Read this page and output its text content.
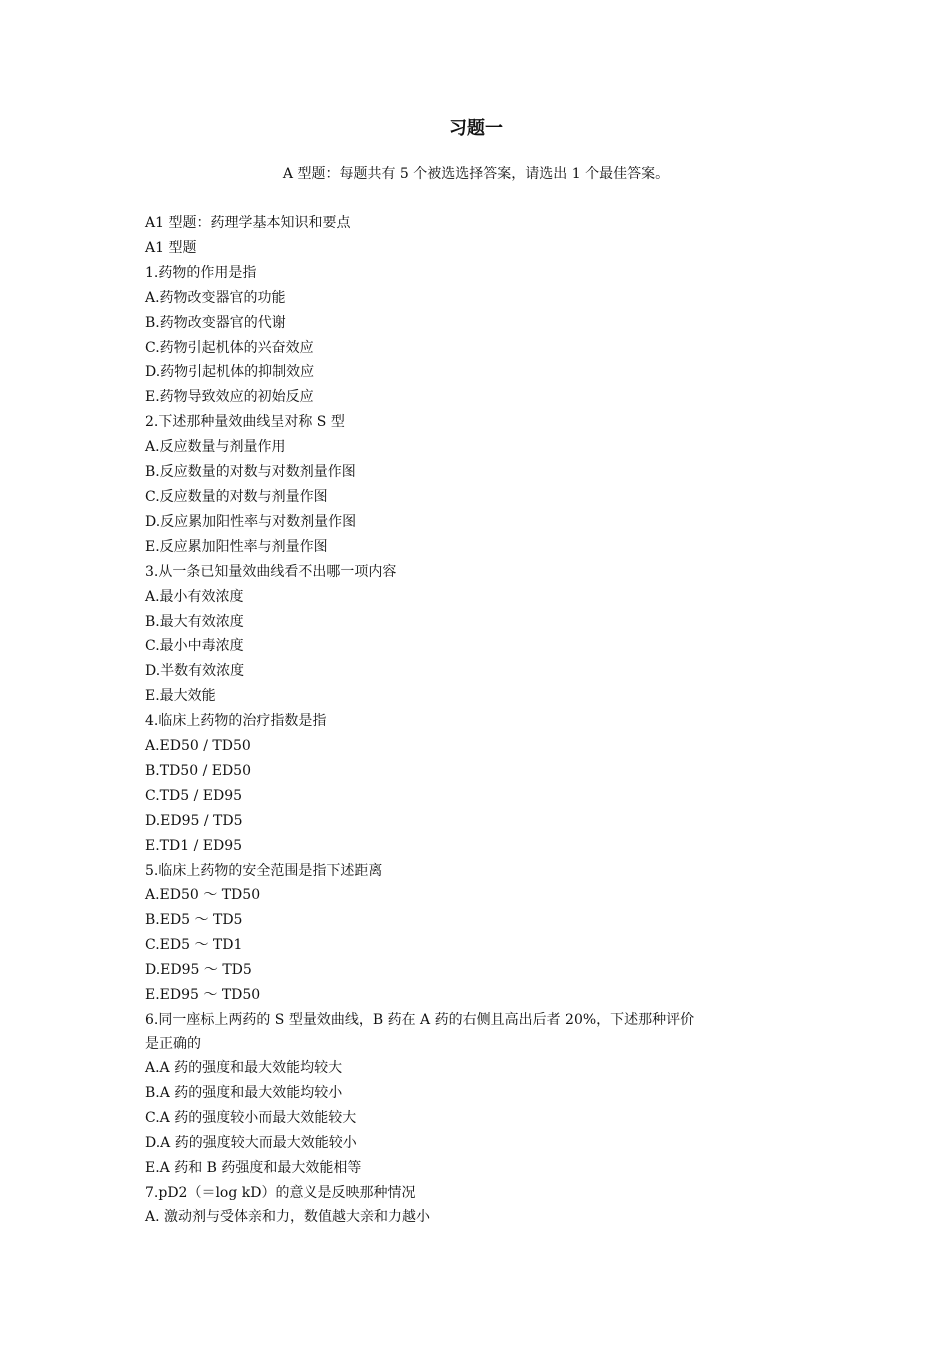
习题一
A 型题：每题共有 5 个被选选择答案，请选出 1 个最佳答案。
A1 型题：药理学基本知识和要点
A1 型题
1.药物的作用是指
A.药物改变器官的功能
B.药物改变器官的代谢
C.药物引起机体的兴奋效应
D.药物引起机体的抑制效应
E.药物导致效应的初始反应
2.下述那种量效曲线呈对称 S 型
A.反应数量与剂量作用
B.反应数量的对数与对数剂量作图
C.反应数量的对数与剂量作图
D.反应累加阳性率与对数剂量作图
E.反应累加阳性率与剂量作图
3.从一条已知量效曲线看不出哪一项内容
A.最小有效浓度
B.最大有效浓度
C.最小中毒浓度
D.半数有效浓度
E.最大效能
4.临床上药物的治疗指数是指
A.ED50 / TD50
B.TD50 / ED50
C.TD5 / ED95
D.ED95 / TD5
E.TD1 / ED95
5.临床上药物的安全范围是指下述距离
A.ED50 ～ TD50
B.ED5 ～ TD5
C.ED5 ～ TD1
D.ED95 ～ TD5
E.ED95 ～ TD50
6.同一座标上两药的 S 型量效曲线，B 药在 A 药的右侧且高出后者 20%，下述那种评价是正确的
A.A 药的强度和最大效能均较大
B.A 药的强度和最大效能均较小
C.A 药的强度较小而最大效能较大
D.A 药的强度较大而最大效能较小
E.A 药和 B 药强度和最大效能相等
7.pD2（＝log kD）的意义是反映那种情况
A. 激动剂与受体亲和力，数值越大亲和力越小
